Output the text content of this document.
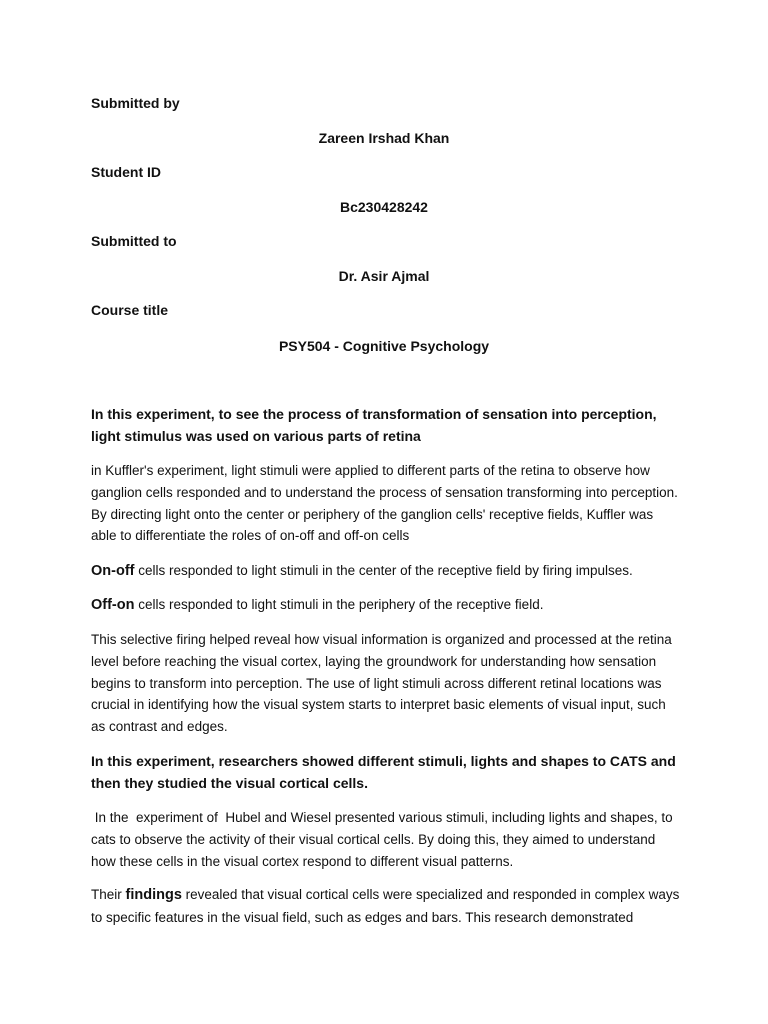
Submitted by
Zareen Irshad Khan
Student ID
Bc230428242
Submitted to
Dr. Asir Ajmal
Course title
PSY504 - Cognitive Psychology
In this experiment, to see the process of transformation of sensation into perception, light stimulus was used on various parts of retina
in Kuffler's experiment, light stimuli were applied to different parts of the retina to observe how ganglion cells responded and to understand the process of sensation transforming into perception. By directing light onto the center or periphery of the ganglion cells' receptive fields, Kuffler was able to differentiate the roles of on-off and off-on cells
On-off cells responded to light stimuli in the center of the receptive field by firing impulses.
Off-on cells responded to light stimuli in the periphery of the receptive field.
This selective firing helped reveal how visual information is organized and processed at the retina level before reaching the visual cortex, laying the groundwork for understanding how sensation begins to transform into perception. The use of light stimuli across different retinal locations was crucial in identifying how the visual system starts to interpret basic elements of visual input, such as contrast and edges.
In this experiment, researchers showed different stimuli, lights and shapes to CATS and then they studied the visual cortical cells.
In the  experiment of  Hubel and Wiesel presented various stimuli, including lights and shapes, to cats to observe the activity of their visual cortical cells. By doing this, they aimed to understand how these cells in the visual cortex respond to different visual patterns.
Their findings revealed that visual cortical cells were specialized and responded in complex ways to specific features in the visual field, such as edges and bars. This research demonstrated
